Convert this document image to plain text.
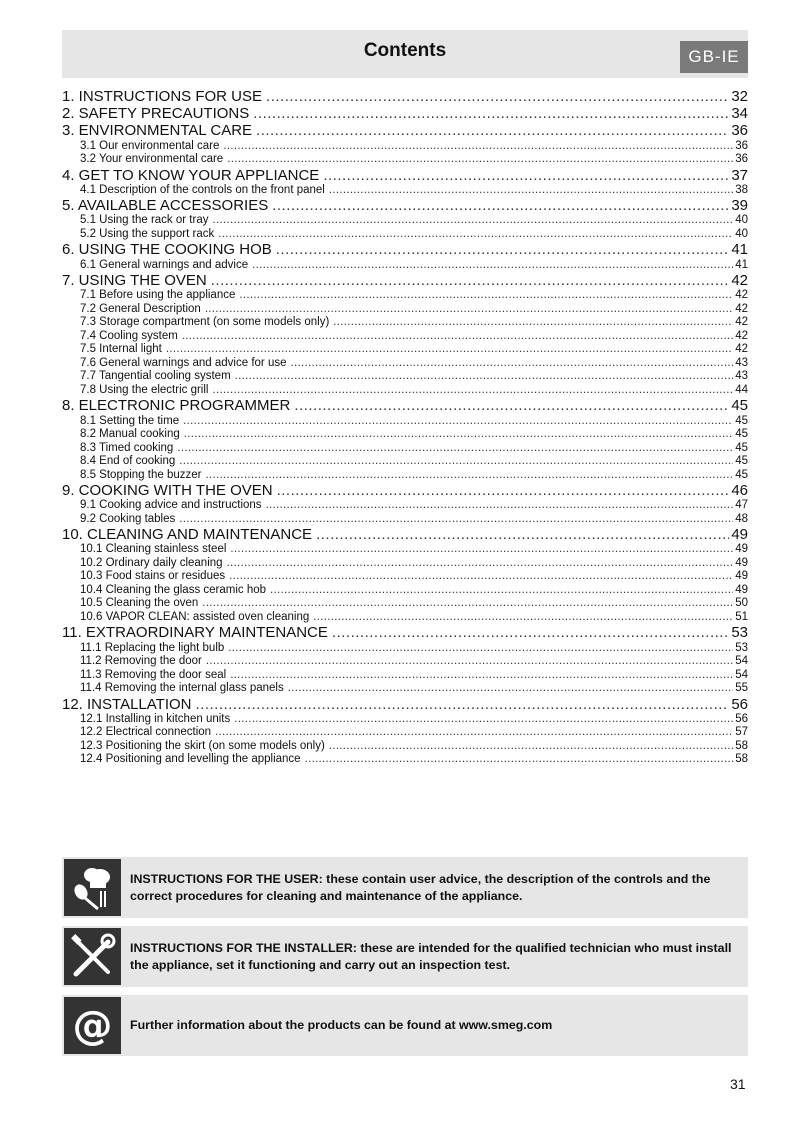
Contents	GB-IE
1. INSTRUCTIONS FOR USE .....	32
2. SAFETY PRECAUTIONS .....	34
3. ENVIRONMENTAL CARE .....	36
3.1 Our environmental care .....	36
3.2 Your environmental care .....	36
4. GET TO KNOW YOUR APPLIANCE .....	37
4.1 Description of the controls on the front panel .....	38
5. AVAILABLE ACCESSORIES .....	39
5.1 Using the rack or tray .....	40
5.2 Using the support rack .....	40
6. USING THE COOKING HOB .....	41
6.1 General warnings and advice .....	41
7. USING THE OVEN .....	42
7.1 Before using the appliance .....	42
7.2 General Description .....	42
7.3 Storage compartment (on some models only) .....	42
7.4 Cooling system .....	42
7.5 Internal light .....	42
7.6 General warnings and advice for use .....	43
7.7 Tangential cooling system .....	43
7.8 Using the electric grill .....	44
8. ELECTRONIC PROGRAMMER .....	45
8.1 Setting the time .....	45
8.2 Manual cooking .....	45
8.3 Timed cooking .....	45
8.4 End of cooking .....	45
8.5 Stopping the buzzer .....	45
9. COOKING WITH THE OVEN .....	46
9.1 Cooking advice and instructions .....	47
9.2 Cooking tables .....	48
10. CLEANING AND MAINTENANCE .....	49
10.1 Cleaning stainless steel .....	49
10.2 Ordinary daily cleaning .....	49
10.3 Food stains or residues .....	49
10.4 Cleaning the glass ceramic hob .....	49
10.5 Cleaning the oven .....	50
10.6 VAPOR CLEAN: assisted oven cleaning .....	51
11. EXTRAORDINARY MAINTENANCE .....	53
11.1 Replacing the light bulb .....	53
11.2 Removing the door .....	54
11.3 Removing the door seal .....	54
11.4 Removing the internal glass panels .....	55
12. INSTALLATION .....	56
12.1 Installing in kitchen units .....	56
12.2 Electrical connection .....	57
12.3 Positioning the skirt (on some models only) .....	58
12.4 Positioning and levelling the appliance .....	58
INSTRUCTIONS FOR THE USER: these contain user advice, the description of the controls and the correct procedures for cleaning and maintenance of the appliance.
INSTRUCTIONS FOR THE INSTALLER: these are intended for the qualified technician who must install the appliance, set it functioning and carry out an inspection test.
@ Further information about the products can be found at www.smeg.com
31
